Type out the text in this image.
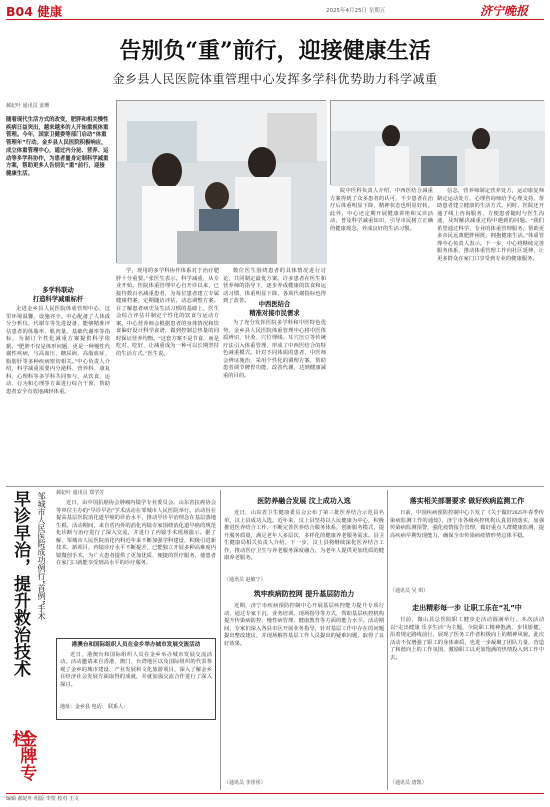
B04 健康	2025年4月25日 星期五	济宁晚报
告别负“重”前行，迎接健康生活
金乡县人民医院体重管理中心发挥多学科优势助力科学减重
郝妃叶 通讯员 姜珊
随着现代生活方式的改变，肥胖和相关慢性疾病日益突出，越来越多的人开始重视体重管理。今年，国家卫健委等部门启动“体重管理年”行动。金乡县人民医院积极响应，成立体重管理中心，通过内分泌、营养、运动等多学科协作，为患者量身定制科学减重方案，帮助更多人告别负“重”前行，迎接健康生活。
多学科联动
打造科学减重标杆

走进金乡县人民医院体重管理中心，这里环境温馨，设施齐全。中心配备了人体成分分析仪、代谢车等先进设备，能够精准评估患者的体脂率、肌肉量、基础代谢率等指标，为制订个性化减重方案提供科学依据。“肥胖不仅是体形问题，更是一种慢性代谢性疾病，与高血压、糖尿病、高脂血症、脂肪肝等多种疾病密切相关。”中心负责人介绍，科学减重需要内分泌科、营养科、康复科、心理科等多学科共同参与，从饮食、运动、行为和心理等方面进行综合干预，帮助患者安全有效地减轻体重。

学，现用的多学科协作体系对于治疗肥胖十分重要。”张医生表示。科学减重，从专业开始。医院体重管理中心自开诊以来，已接待数百名减重患者，为每位患者建立专属健康档案，定期随访评估，动态调整方案。在了解患者病史及生活习惯的基础上，医生会综合评估并制定个性化的饮食与运动方案。中心营养师会根据患者的身体情况和饮食偏好设计科学食谱，做到控制总热量的同时保证营养均衡。“这套方案不是节食，而是吃对、吃好，让减重成为一种可以长期坚持的生活方式。”医生说。

数位医生围绕患者的具体情况进行讨论，共同制定最优方案。许多患者在医生和营养师的指导下，逐步养成健康的饮食和运动习惯，体重明显下降，各项代谢指标也得到了改善。	中西医结合
精准对接市民需求

为了充分发挥医院多学科和中医特色优势，金乡县人民医院体重管理中心将中医体质辨识、针灸、穴位埋线、耳穴压豆等传统疗法引入体重管理，形成了中西医结合的特色减重模式。针对不同体质的患者，中医师会辨证施治，采用个性化的调理方案，帮助患者调节脾胃功能，改善代谢，达到健康减重的目的。

院中医科负责人介绍，中西医结合减重方案得到了众多患者的认可，不少患者在治疗后体重明显下降，精神状态也明显好转。此外，中心还定期开展健康讲座和义诊活动，普及科学减重知识，引导市民树立正确的健康观念，养成良好的生活习惯。

信念，营养师制定营养处方，运动康复师制定运动处方，心理咨询师给予心理支持，帮助患者建立健康的生活方式。同时，医院还开通了线上咨询服务，方便患者随时与医生沟通，及时解决减重过程中遇到的问题。“我们希望通过科学、专业的体重管理服务，帮助更多市民远离肥胖困扰，拥抱健康生活。”体重管理中心负责人表示。下一步，中心将继续完善服务体系，推动体重管理工作向社区延伸，让更多群众在家门口享受到专业的健康服务。

早诊早治，提升救治技术 邹城市人民医院成功例行“首例”手术 郝妃叶 通讯员 郑学芳

近日，由中国抗癌协会肿瘤内镜学专业委员会、山东省抗癌协会等单位主办的“早诊早治”学术活动在邹城市人民医院举行。活动旨在提高基层医院消化道早癌的诊治水平，推动早诊早治理念在基层落地生根。活动期间，来自省内外的消化内镜专家围绕消化道早癌的规范化诊断与治疗进行了深入交流，并进行了内镜手术现场演示。据了解，邹城市人民医院消化内科近年来不断加强学科建设，积极引进新技术、新项目，内镜诊疗水平不断提升，已能独立开展多种高难度内镜微创手术，为广大患者提供了更加优质、便捷的医疗服务，使患者在家门口就能享受到高水平的诊疗服务。

港澳台和国际组织人员在金乡举办城市发展交流活动

近日，港澳台和国际组织人员在金乡举办城市发展交流活动。活动邀请来自香港、澳门、台湾地区以及国际组织的代表参观了金乡的城市建设、产业发展和文化旅游项目，深入了解金乡在经济社会发展方面取得的成就，并就加强交流合作进行了深入探讨。

地址：金乡县 电话： 联系人：
金牌专栏
医防养融合发展 汶上成功入选

近日，山东省卫生健康委员会公布了第三批医养结合示范县名单，汶上县成功入选。近年来，汶上县坚持以人民健康为中心，积极推进医养结合工作，不断完善医养结合服务体系，创新服务模式，提升服务质量，满足老年人多层次、多样化的健康养老服务需求。县卫生健康局相关负责人介绍，下一步，汶上县将继续深化医养结合工作，推动医疗卫生与养老服务深度融合，为老年人提供更加优质的健康养老服务。

（通讯员 赵敏宁）
筑牢疾病防控网 提升基层防治力

近期，济宁市疾病预防控制中心开展基层疾控能力提升专项行动，通过专家下沉、业务培训、现场指导等方式，帮助基层疾控机构提升传染病防控、慢性病管理、健康教育等方面的能力水平。活动期间，专家们深入各县市区开展业务指导，针对基层工作中存在的问题提出整改建议，并现场解答基层工作人员提出的疑难问题，取得了良好效果。

（通讯员 李彤彤）
落实相关部署要求 做好疾病监测工作

日前，中国疾病预防控制中心下发了《关于做好2025年春季传染病监测工作的通知》，济宁市各级疾控机构认真贯彻落实，加强传染病监测预警，强化疫情报告管理，做好重点人群健康监测，提高疾病早期发现能力，确保全市传染病疫情形势总体平稳。

（通讯员 吴 琪）
走出精彩每一步 让职工乐在“礼”中

日前，微山县总医院职工健步走活动圆满举行。本次活动以“走出健康 乐享生活”为主题，全院职工精神饱满、步伐矫健，沿着规定路线前行，展现了医务工作者积极向上的精神风貌。此次活动不仅增强了职工的身体素质，也进一步凝聚了团队力量，营造了和谐向上的工作氛围，激励职工以更加饱满的热情投入到工作中去。

（通讯员 唐凯）
编辑 郝妃叶 组版 李贺 校对 王文
